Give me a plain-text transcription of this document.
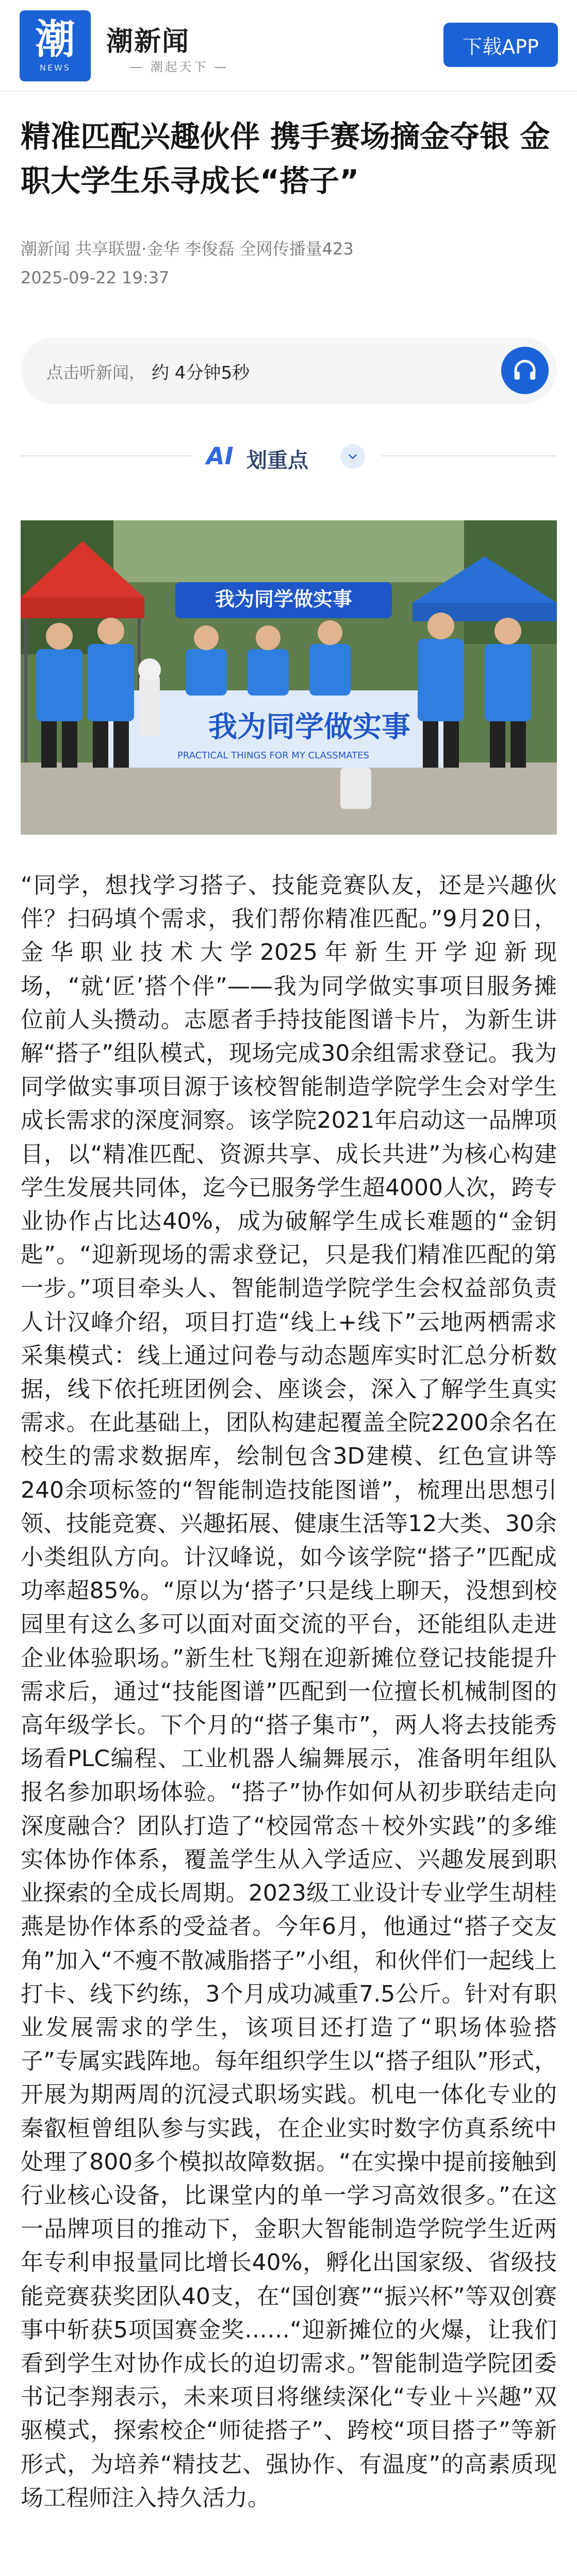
潮
NEWS
潮新闻
— 潮起天下 —
下载APP
精准匹配兴趣伙伴 携手赛场摘金夺银 金职大学生乐寻成长“搭子”
潮新闻 共享联盟·金华 李俊磊 全网传播量423
2025-09-22 19:37
点击听新闻， 约 4分钟5秒
AI 划重点
我为同学做实事
我为同学做实事
PRACTICAL THINGS FOR MY CLASSMATES
“同学，想找学习搭子、技能竞赛队友，还是兴趣伙伴？扫码填个需求，我们帮你精准匹配。”9月20日，金华职业技术大学2025年新生开学迎新现场，“就‘匠’搭个伴”——我为同学做实事项目服务摊位前人头攒动。志愿者手持技能图谱卡片，为新生讲解“搭子”组队模式，现场完成30余组需求登记。我为同学做实事项目源于该校智能制造学院学生会对学生成长需求的深度洞察。该学院2021年启动这一品牌项目，以“精准匹配、资源共享、成长共进”为核心构建学生发展共同体，迄今已服务学生超4000人次，跨专业协作占比达40%，成为破解学生成长难题的“金钥匙”。“迎新现场的需求登记，只是我们精准匹配的第一步。”项目牵头人、智能制造学院学生会权益部负责人计汉峰介绍，项目打造“线上+线下”云地两栖需求采集模式：线上通过问卷与动态题库实时汇总分析数据，线下依托班团例会、座谈会，深入了解学生真实需求。在此基础上，团队构建起覆盖全院2200余名在校生的需求数据库，绘制包含3D建模、红色宣讲等240余项标签的“智能制造技能图谱”，梳理出思想引领、技能竞赛、兴趣拓展、健康生活等12大类、30余小类组队方向。计汉峰说，如今该学院“搭子”匹配成功率超85%。“原以为‘搭子’只是线上聊天，没想到校园里有这么多可以面对面交流的平台，还能组队走进企业体验职场。”新生杜飞翔在迎新摊位登记技能提升需求后，通过“技能图谱”匹配到一位擅长机械制图的高年级学长。下个月的“搭子集市”，两人将去技能秀场看PLC编程、工业机器人编舞展示，准备明年组队报名参加职场体验。“搭子”协作如何从初步联结走向深度融合？团队打造了“校园常态＋校外实践”的多维实体协作体系，覆盖学生从入学适应、兴趣发展到职业探索的全成长周期。2023级工业设计专业学生胡桂燕是协作体系的受益者。今年6月，他通过“搭子交友角”加入“不瘦不散减脂搭子”小组，和伙伴们一起线上打卡、线下约练，3个月成功减重7.5公斤。针对有职业发展需求的学生，该项目还打造了“职场体验搭子”专属实践阵地。每年组织学生以“搭子组队”形式，开展为期两周的沉浸式职场实践。机电一体化专业的秦叡桓曾组队参与实践，在企业实时数字仿真系统中处理了800多个模拟故障数据。“在实操中提前接触到行业核心设备，比课堂内的单一学习高效很多。”在这一品牌项目的推动下，金职大智能制造学院学生近两年专利申报量同比增长40%，孵化出国家级、省级技能竞赛获奖团队40支，在“国创赛”“振兴杯”等双创赛事中斩获5项国赛金奖……“迎新摊位的火爆，让我们看到学生对协作成长的迫切需求。”智能制造学院团委书记李翔表示，未来项目将继续深化“专业＋兴趣”双驱模式，探索校企“师徒搭子”、跨校“项目搭子”等新形式，为培养“精技艺、强协作、有温度”的高素质现场工程师注入持久活力。
